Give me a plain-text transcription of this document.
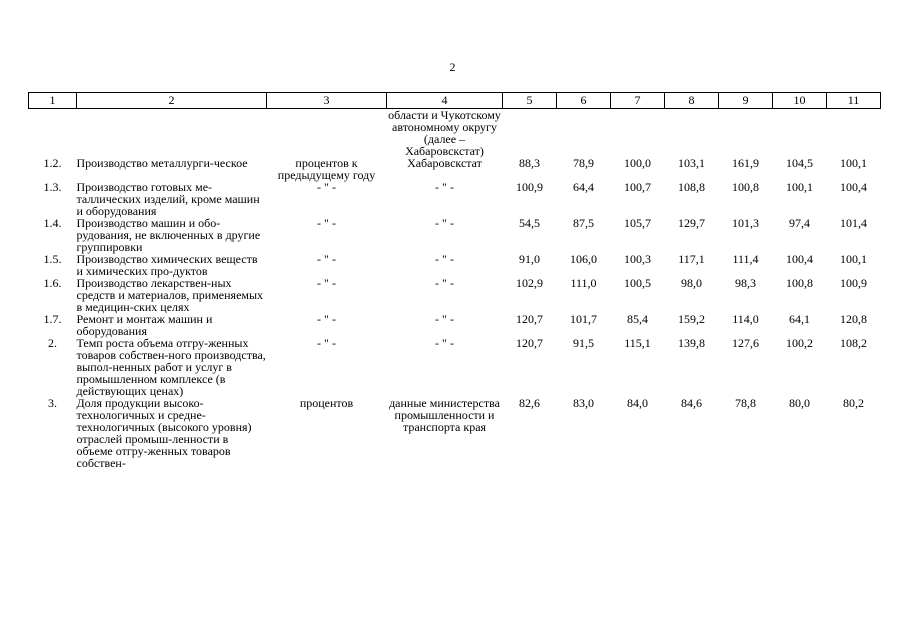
2
1	2	3	4	5	6	7	8	9	10	11
			области и Чукотскому автономному округу (далее – Хабаровскстат)							
1.2.	Производство металлурги-ческое	процентов к предыдущему году	Хабаровскстат	88,3	78,9	100,0	103,1	161,9	104,5	100,1
1.3.	Производство готовых ме-таллических изделий, кроме машин и оборудования	- " -	- " -	100,9	64,4	100,7	108,8	100,8	100,1	100,4
1.4.	Производство машин и обо-рудования, не включенных в другие группировки	- " -	- " -	54,5	87,5	105,7	129,7	101,3	97,4	101,4
1.5.	Производство химических веществ и химических про-дуктов	- " -	- " -	91,0	106,0	100,3	117,1	111,4	100,4	100,1
1.6.	Производство лекарствен-ных средств и материалов, применяемых в медицин-ских целях	- " -	- " -	102,9	111,0	100,5	98,0	98,3	100,8	100,9
1.7.	Ремонт и монтаж машин и оборудования	- " -	- " -	120,7	101,7	85,4	159,2	114,0	64,1	120,8
2.	Темп роста объема отгру-женных товаров собствен-ного производства, выпол-ненных работ и услуг в промышленном комплексе (в действующих ценах)	- " -	- " -	120,7	91,5	115,1	139,8	127,6	100,2	108,2
3.	Доля продукции высоко-технологичных и средне-технологичных (высокого уровня) отраслей промыш-ленности в объеме отгру-женных товаров собствен-	процентов	данные министерства промышленности и транспорта края	82,6	83,0	84,0	84,6	78,8	80,0	80,2
